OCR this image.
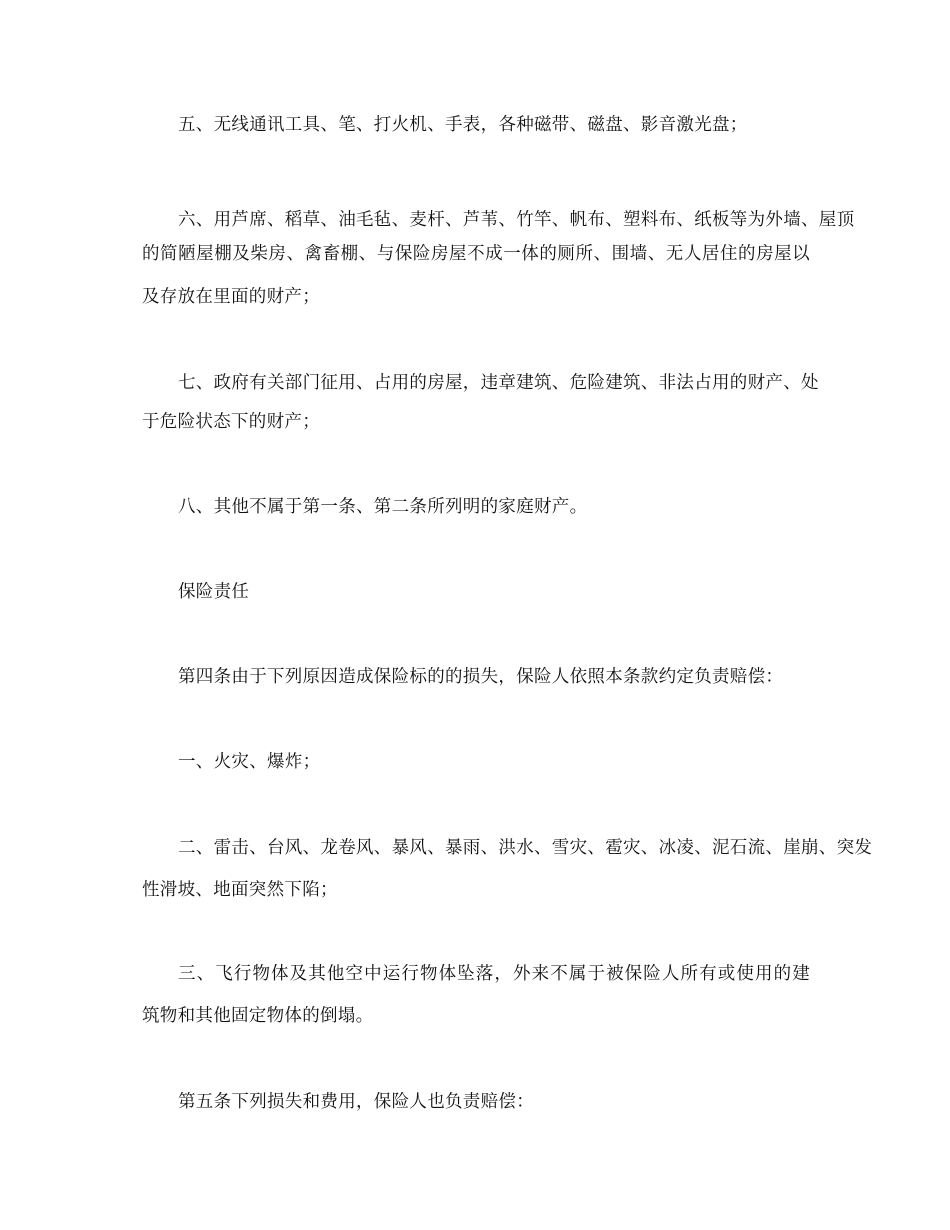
五、无线通讯工具、笔、打火机、手表，各种磁带、磁盘、影音激光盘；
六、用芦席、稻草、油毛毡、麦杆、芦苇、竹竿、帆布、塑料布、纸板等为外墙、屋顶
的简陋屋棚及柴房、禽畜棚、与保险房屋不成一体的厕所、围墙、无人居住的房屋以
及存放在里面的财产；
七、政府有关部门征用、占用的房屋，违章建筑、危险建筑、非法占用的财产、处
于危险状态下的财产；
八、其他不属于第一条、第二条所列明的家庭财产。
保险责任
第四条由于下列原因造成保险标的的损失，保险人依照本条款约定负责赔偿：
一、火灾、爆炸；
二、雷击、台风、龙卷风、暴风、暴雨、洪水、雪灾、雹灾、冰凌、泥石流、崖崩、突发
性滑坡、地面突然下陷；
三、飞行物体及其他空中运行物体坠落，外来不属于被保险人所有或使用的建
筑物和其他固定物体的倒塌。
第五条下列损失和费用，保险人也负责赔偿：
